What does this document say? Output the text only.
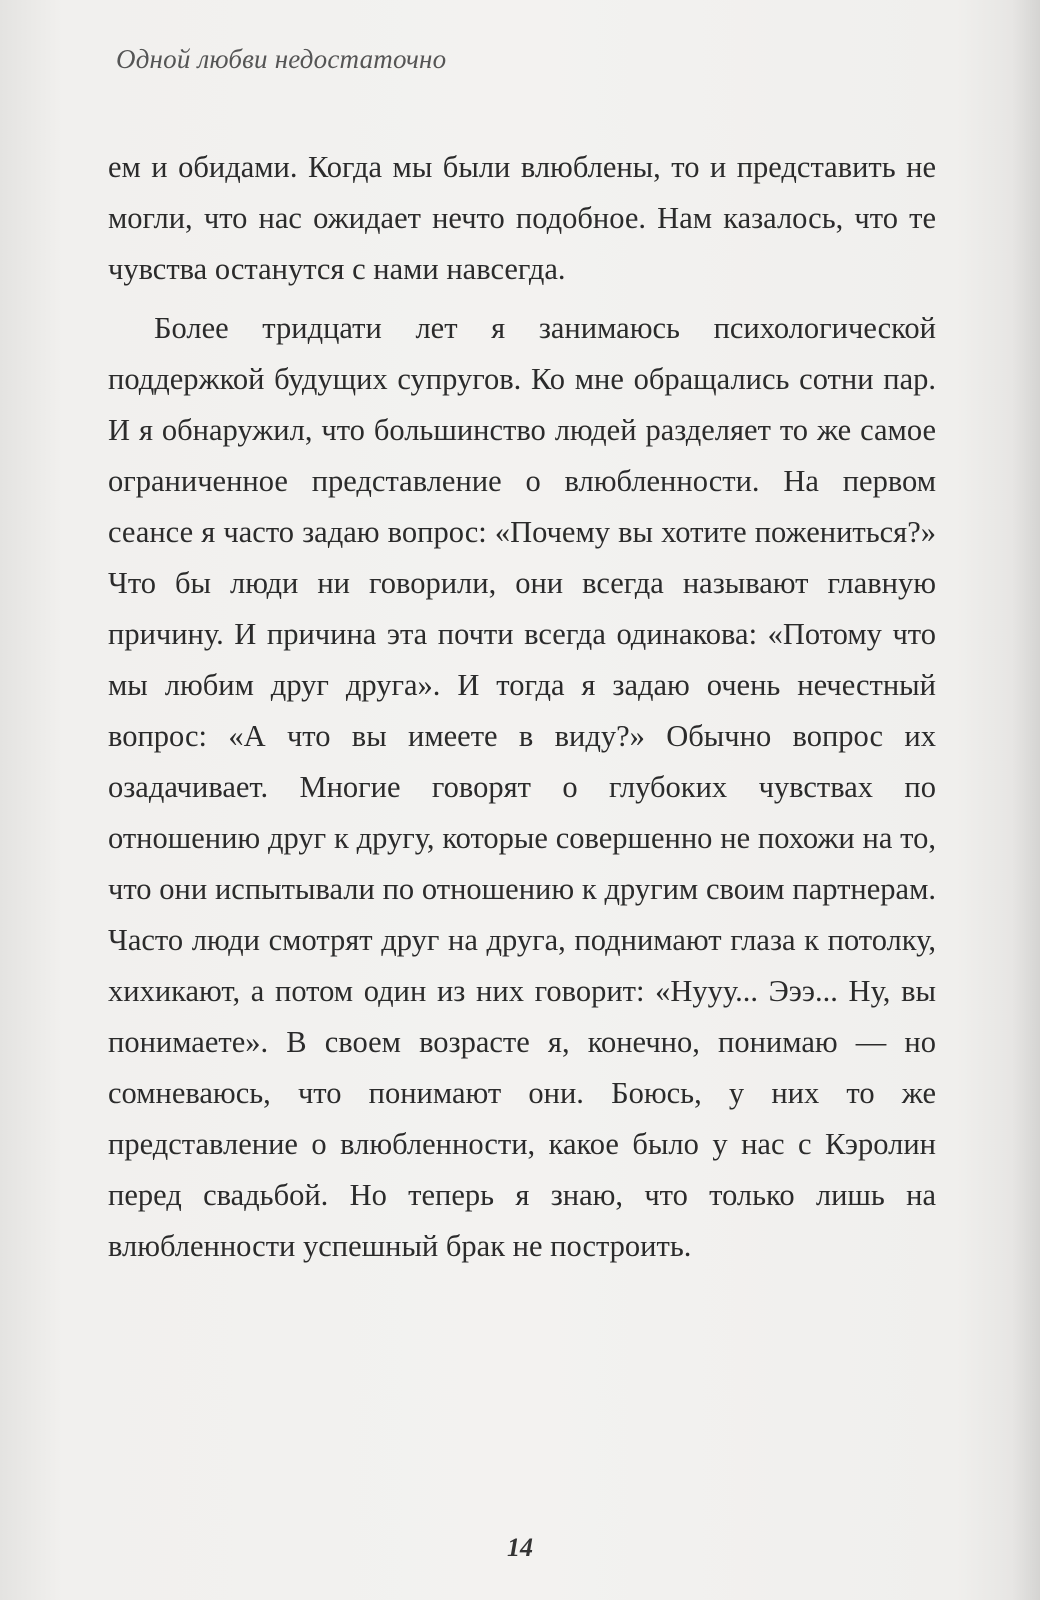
Одной любви недостаточно

ем и обидами. Когда мы были влюблены, то и представить не могли, что нас ожидает нечто подобное. Нам казалось, что те чувства останутся с нами навсегда.

Более тридцати лет я занимаюсь психологической поддержкой будущих супругов. Ко мне обращались сотни пар. И я обнаружил, что большинство людей разделяет то же самое ограниченное представление о влюбленности. На первом сеансе я часто задаю вопрос: «Почему вы хотите пожениться?» Что бы люди ни говорили, они всегда называют главную причину. И причина эта почти всегда одинакова: «Потому что мы любим друг друга». И тогда я задаю очень нечестный вопрос: «А что вы имеете в виду?» Обычно вопрос их озадачивает. Многие говорят о глубоких чувствах по отношению друг к другу, которые совершенно не похожи на то, что они испытывали по отношению к другим своим партнерам. Часто люди смотрят друг на друга, поднимают глаза к потолку, хихикают, а потом один из них говорит: «Нууу... Эээ... Ну, вы понимаете». В своем возрасте я, конечно, понимаю — но сомневаюсь, что понимают они. Боюсь, у них то же представление о влюбленности, какое было у нас с Кэролин перед свадьбой. Но теперь я знаю, что только лишь на влюбленности успешный брак не построить.

14
